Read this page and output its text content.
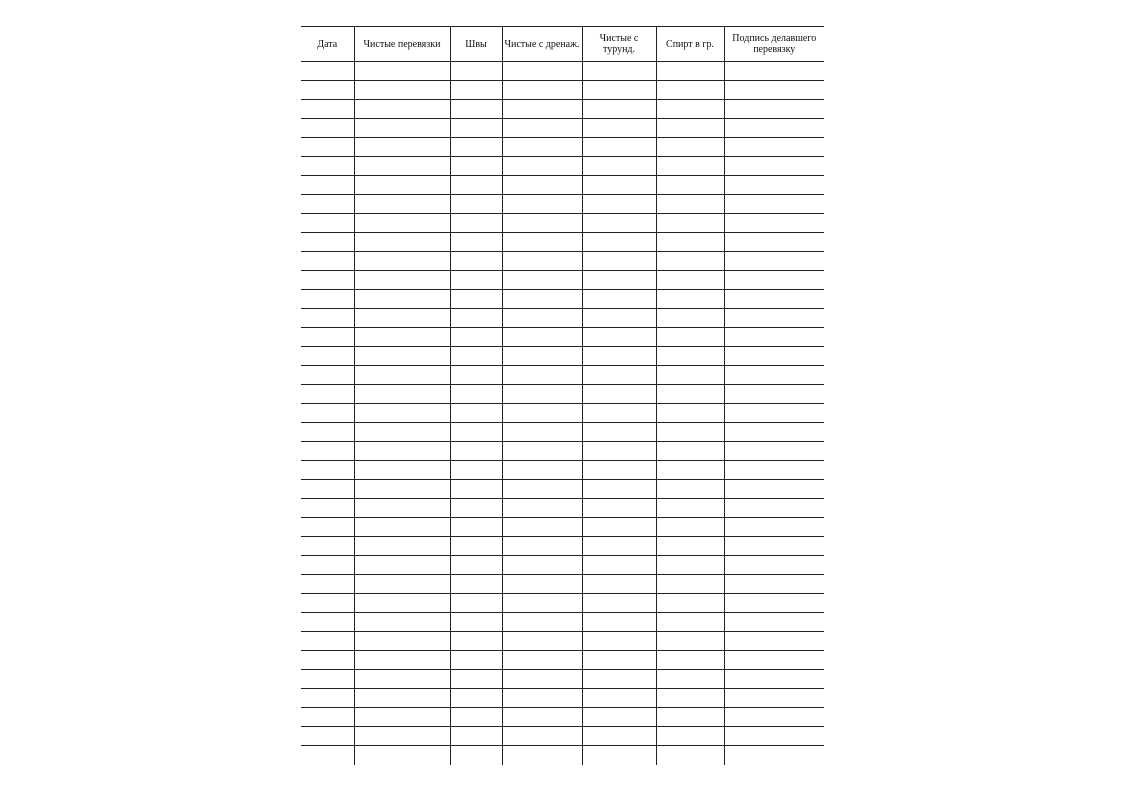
Дата	Чистые перевязки	Швы	Чистые с дренаж.	Чистые с турунд.	Спирт в гр.	Подпись делавшего перевязку
